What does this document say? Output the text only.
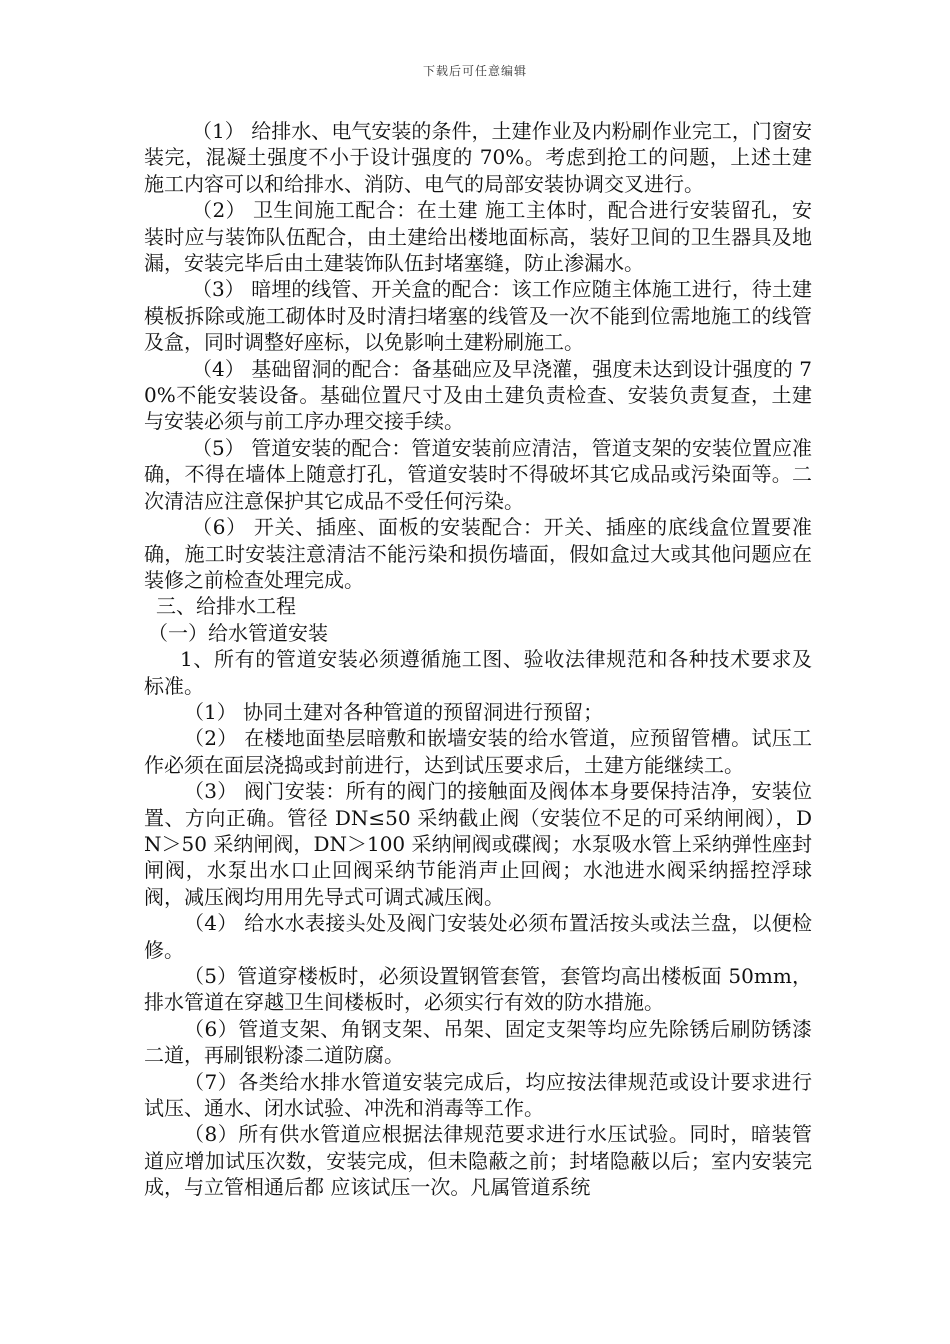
下载后可任意编辑

（1） 给排水、电气安装的条件，土建作业及内粉刷作业完工，门窗安装完，混凝土强度不小于设计强度的 70%。考虑到抢工的问题，上述土建 施工内容可以和给排水、消防、电气的局部安装协调交叉进行。

（2） 卫生间施工配合：在土建 施工主体时，配合进行安装留孔，安装时应与装饰队伍配合，由土建给出楼地面标高，装好卫间的卫生器具及地漏，安装完毕后由土建装饰队伍封堵塞缝，防止渗漏水。

（3） 暗埋的线管、开关盒的配合：该工作应随主体施工进行，待土建模板拆除或施工砌体时及时清扫堵塞的线管及一次不能到位需地施工的线管及盒，同时调整好座标，以免影响土建粉刷施工。

（4） 基础留洞的配合：备基础应及早浇灌，强度未达到设计强度的 70%不能安装设备。基础位置尺寸及由土建负责检查、安装负责复查，土建与安装必须与前工序办理交接手续。

（5） 管道安装的配合：管道安装前应清洁，管道支架的安装位置应准确，不得在墙体上随意打孔，管道安装时不得破坏其它成品或污染面等。二次清洁应注意保护其它成品不受任何污染。

（6） 开关、插座、面板的安装配合：开关、插座的底线盒位置要准确，施工时安装注意清洁不能污染和损伤墙面，假如盒过大或其他问题应在装修之前检查处理完成。

三、给排水工程

（一）给水管道安装

1、所有的管道安装必须遵循施工图、验收法律规范和各种技术要求及标准。

（1） 协同土建对各种管道的预留洞进行预留；

（2） 在楼地面垫层暗敷和嵌墙安装的给水管道，应预留管槽。试压工作必须在面层浇捣或封前进行，达到试压要求后，土建方能继续工。

（3） 阀门安装：所有的阀门的接触面及阀体本身要保持洁净，安装位置、方向正确。管径 DN≤50 采纳截止阀（安装位不足的可采纳闸阀），DN＞50 采纳闸阀，DN＞100 采纳闸阀或碟阀；水泵吸水管上采纳弹性座封闸阀，水泵出水口止回阀采纳节能消声止回阀；水池进水阀采纳摇控浮球阀，减压阀均用用先导式可调式减压阀。

（4） 给水水表接头处及阀门安装处必须布置活按头或法兰盘，以便检修。

（5）管道穿楼板时，必须设置钢管套管，套管均高出楼板面 50mm，排水管道在穿越卫生间楼板时，必须实行有效的防水措施。

（6）管道支架、角钢支架、吊架、固定支架等均应先除锈后刷防锈漆二道，再刷银粉漆二道防腐。

（7）各类给水排水管道安装完成后，均应按法律规范或设计要求进行试压、通水、闭水试验、冲洗和消毒等工作。

（8）所有供水管道应根据法律规范要求进行水压试验。同时，暗装管道应增加试压次数，安装完成，但未隐蔽之前；封堵隐蔽以后；室内安装完成，与立管相通后都 应该试压一次。凡属管道系统
